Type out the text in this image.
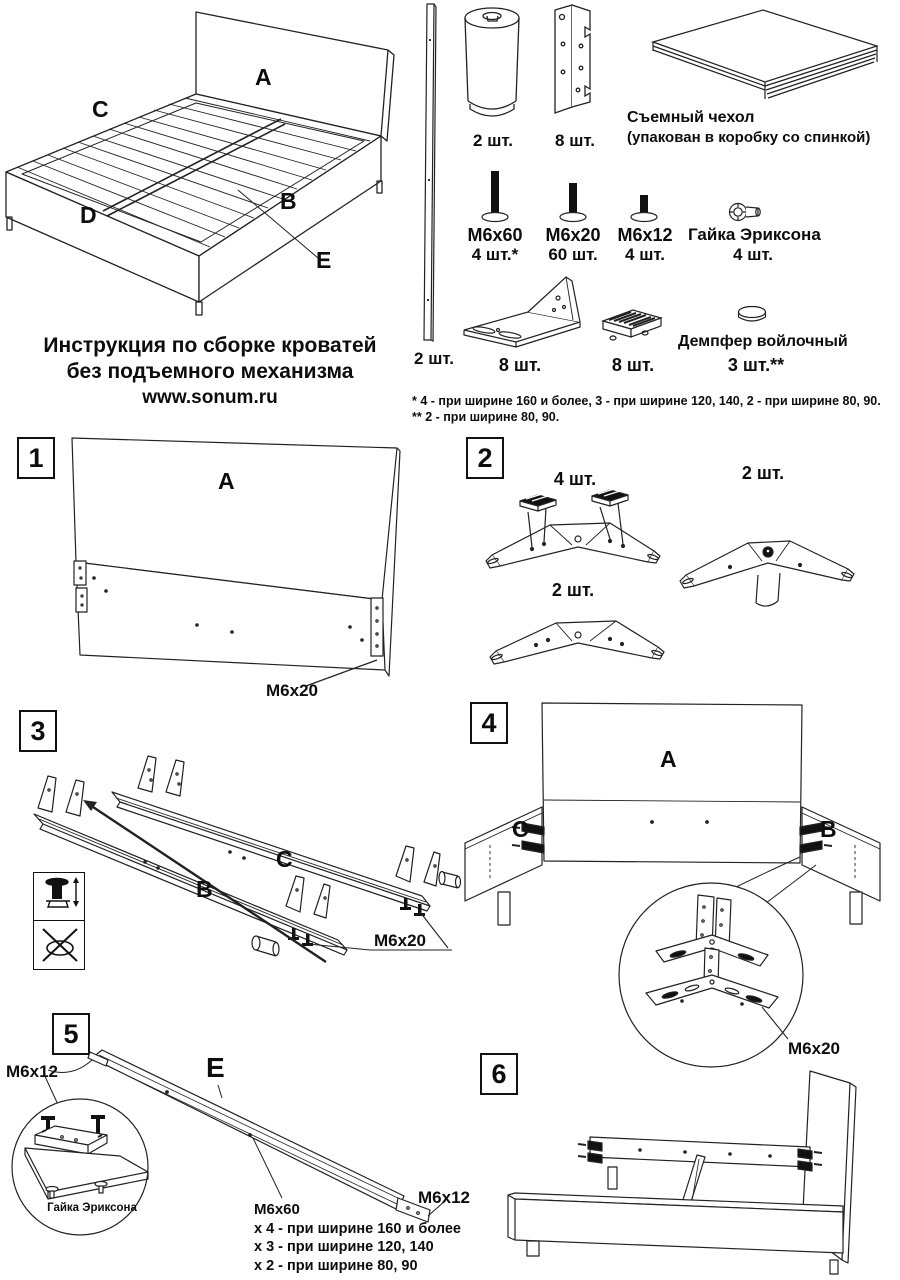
A
C
B
D
E
Инструкция по сборке кроватей
без подъемного механизма
www.sonum.ru
2 шт.
2 шт.	8 шт.
Съемный чехол
(упакован в коробку со спинкой)
M6x60
4 шт.*
M6x20
60 шт.
M6x12
4 шт.
Гайка Эриксона
4 шт.
8 шт.	8 шт.
Демпфер войлочный
3 шт.**
* 4 - при ширине 160 и более, 3 - при ширине 120, 140, 2 - при ширине 80, 90.
** 2 - при ширине 80, 90.
1
A
M6x20
2
4 шт.	2 шт.
2 шт.
3
B
C
M6x20
4
A
C	B
M6x20
5
M6x12	E
Гайка Эриксона	M6x60
x 4 - при ширине 160 и более
x 3 - при ширине 120, 140
x 2 - при ширине 80, 90
M6x12
6
